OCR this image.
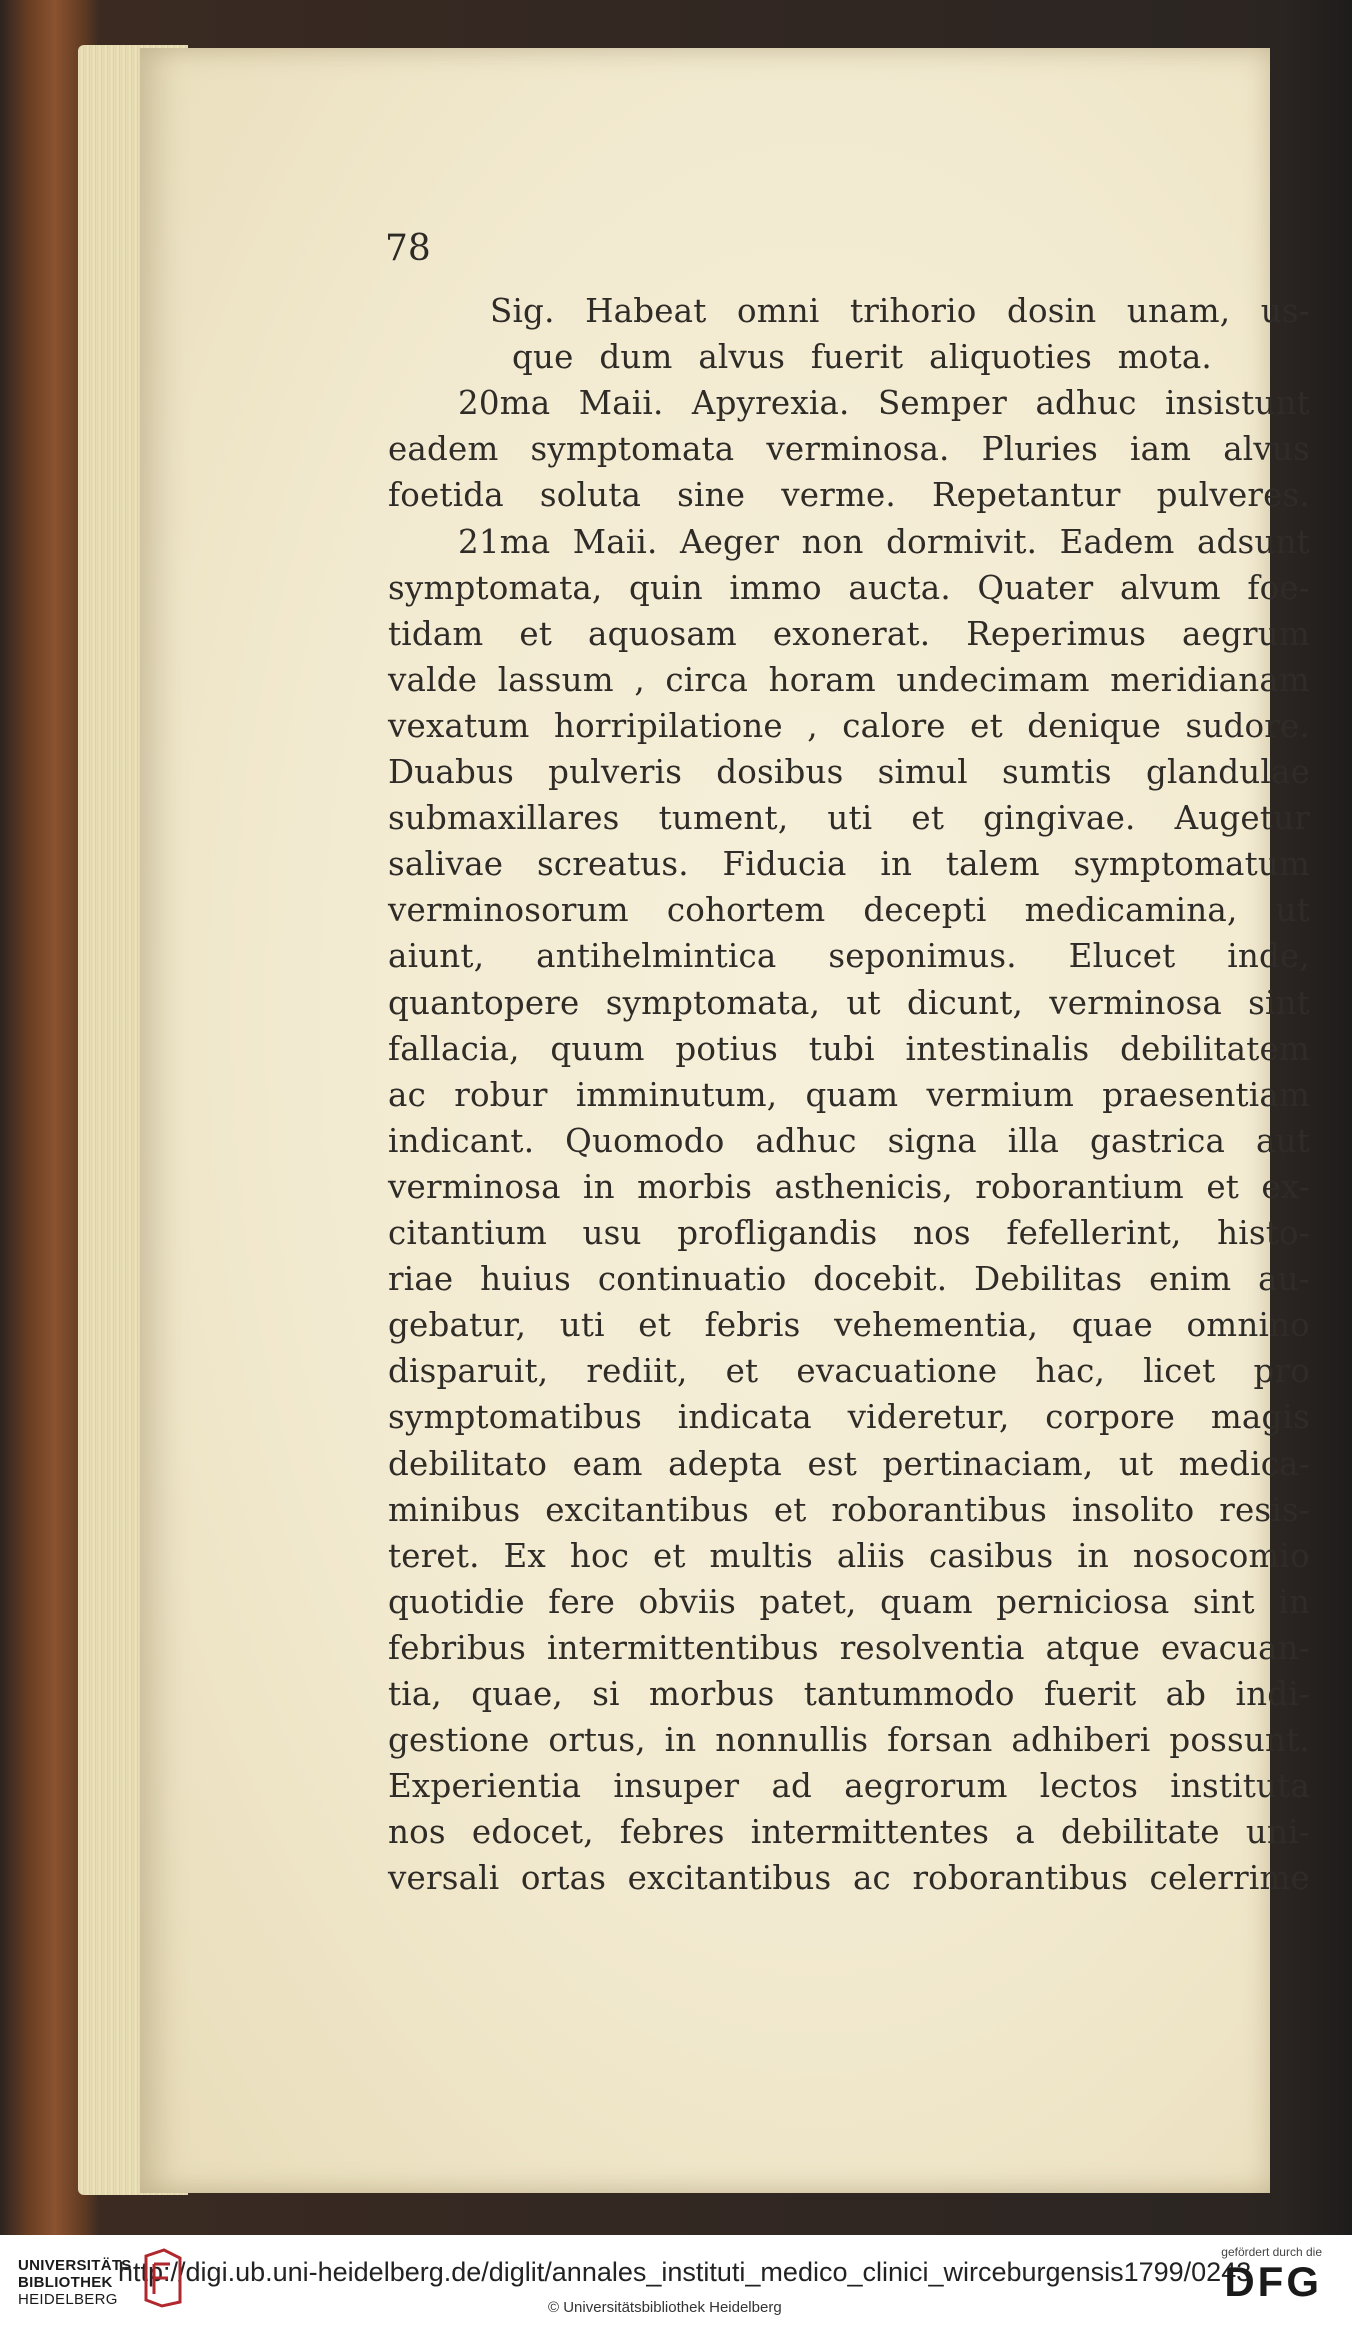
78
Sig. Habeat omni trihorio dosin unam, us-
que dum alvus fuerit aliquoties mota.
20ma Maii. Apyrexia. Semper adhuc insistunt
eadem symptomata verminosa. Pluries iam alvus
foetida soluta sine verme. Repetantur pulveres.
21ma Maii. Aeger non dormivit. Eadem adsunt
symptomata, quin immo aucta. Quater alvum foe-
tidam et aquosam exonerat. Reperimus aegrum
valde lassum , circa horam undecimam meridianam
vexatum horripilatione , calore et denique sudore.
Duabus pulveris dosibus simul sumtis glandulae
submaxillares tument, uti et gingivae. Augetur
salivae screatus. Fiducia in talem symptomatum
verminosorum cohortem decepti medicamina, ut
aiunt, antihelmintica seponimus. Elucet inde,
quantopere symptomata, ut dicunt, verminosa sint
fallacia, quum potius tubi intestinalis debilitatem
ac robur imminutum, quam vermium praesentiam
indicant. Quomodo adhuc signa illa gastrica aut
verminosa in morbis asthenicis, roborantium et ex-
citantium usu profligandis nos fefellerint, histo-
riae huius continuatio docebit. Debilitas enim au-
gebatur, uti et febris vehementia, quae omnino
disparuit, rediit, et evacuatione hac, licet pro
symptomatibus indicata videretur, corpore magis
debilitato eam adepta est pertinaciam, ut medica-
minibus excitantibus et roborantibus insolito resis-
teret. Ex hoc et multis aliis casibus in nosocomio
quotidie fere obviis patet, quam perniciosa sint in
febribus intermittentibus resolventia atque evacuan-
tia, quae, si morbus tantummodo fuerit ab indi-
gestione ortus, in nonnullis forsan adhiberi possunt.
Experientia insuper ad aegrorum lectos instituta
nos edocet, febres intermittentes a debilitate uni-
versali ortas excitantibus ac roborantibus celerrime
UNIVERSITÄTS
BIBLIOTHEK
HEIDELBERG
http://digi.ub.uni-heidelberg.de/diglit/annales_instituti_medico_clinici_wirceburgensis1799/0243
© Universitätsbibliothek Heidelberg
gefördert durch die
DFG
